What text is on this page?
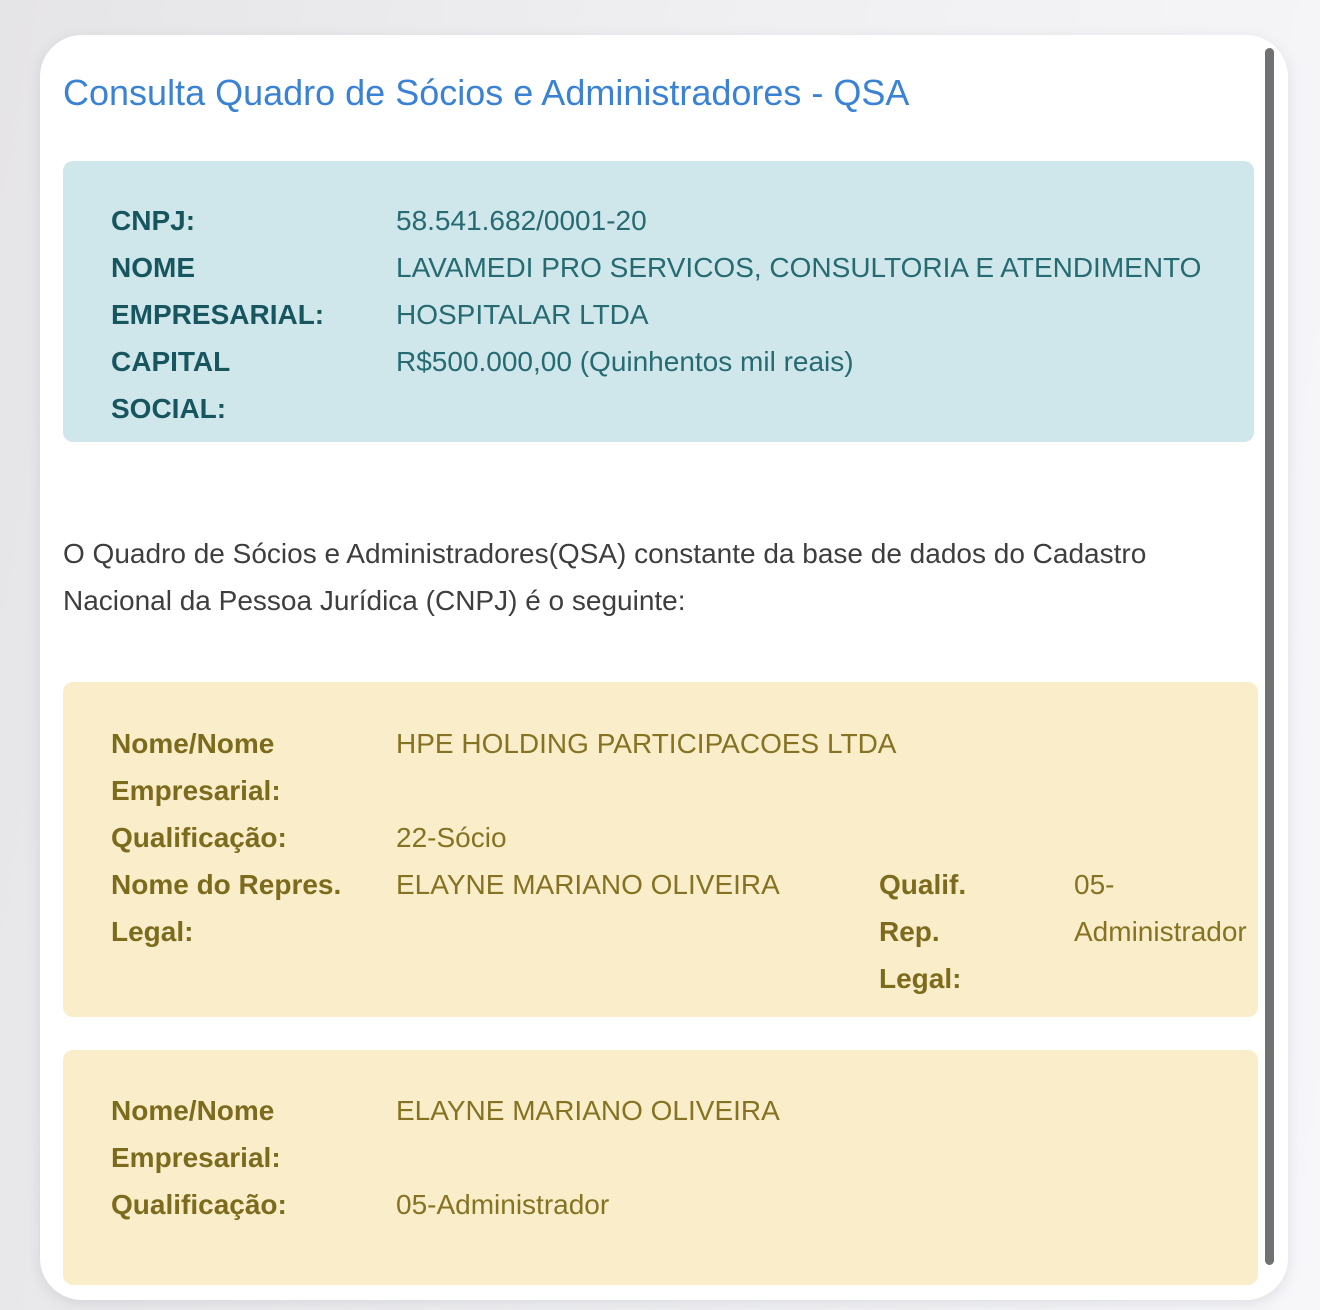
Consulta Quadro de Sócios e Administradores - QSA
CNPJ:	58.541.682/0001-20
NOME EMPRESARIAL:
LAVAMEDI PRO SERVICOS, CONSULTORIA E ATENDIMENTO HOSPITALAR LTDA
CAPITAL SOCIAL:
R$500.000,00 (Quinhentos mil reais)

O Quadro de Sócios e Administradores(QSA) constante da base de dados do Cadastro Nacional da Pessoa Jurídica (CNPJ) é o seguinte:

Nome/Nome Empresarial:
HPE HOLDING PARTICIPACOES LTDA
Qualificação:	22-Sócio
Nome do Repres. Legal:
ELAYNE MARIANO OLIVEIRA	Qualif. Rep. Legal:
05-Administrador
Nome/Nome Empresarial:
ELAYNE MARIANO OLIVEIRA
Qualificação:	05-Administrador
